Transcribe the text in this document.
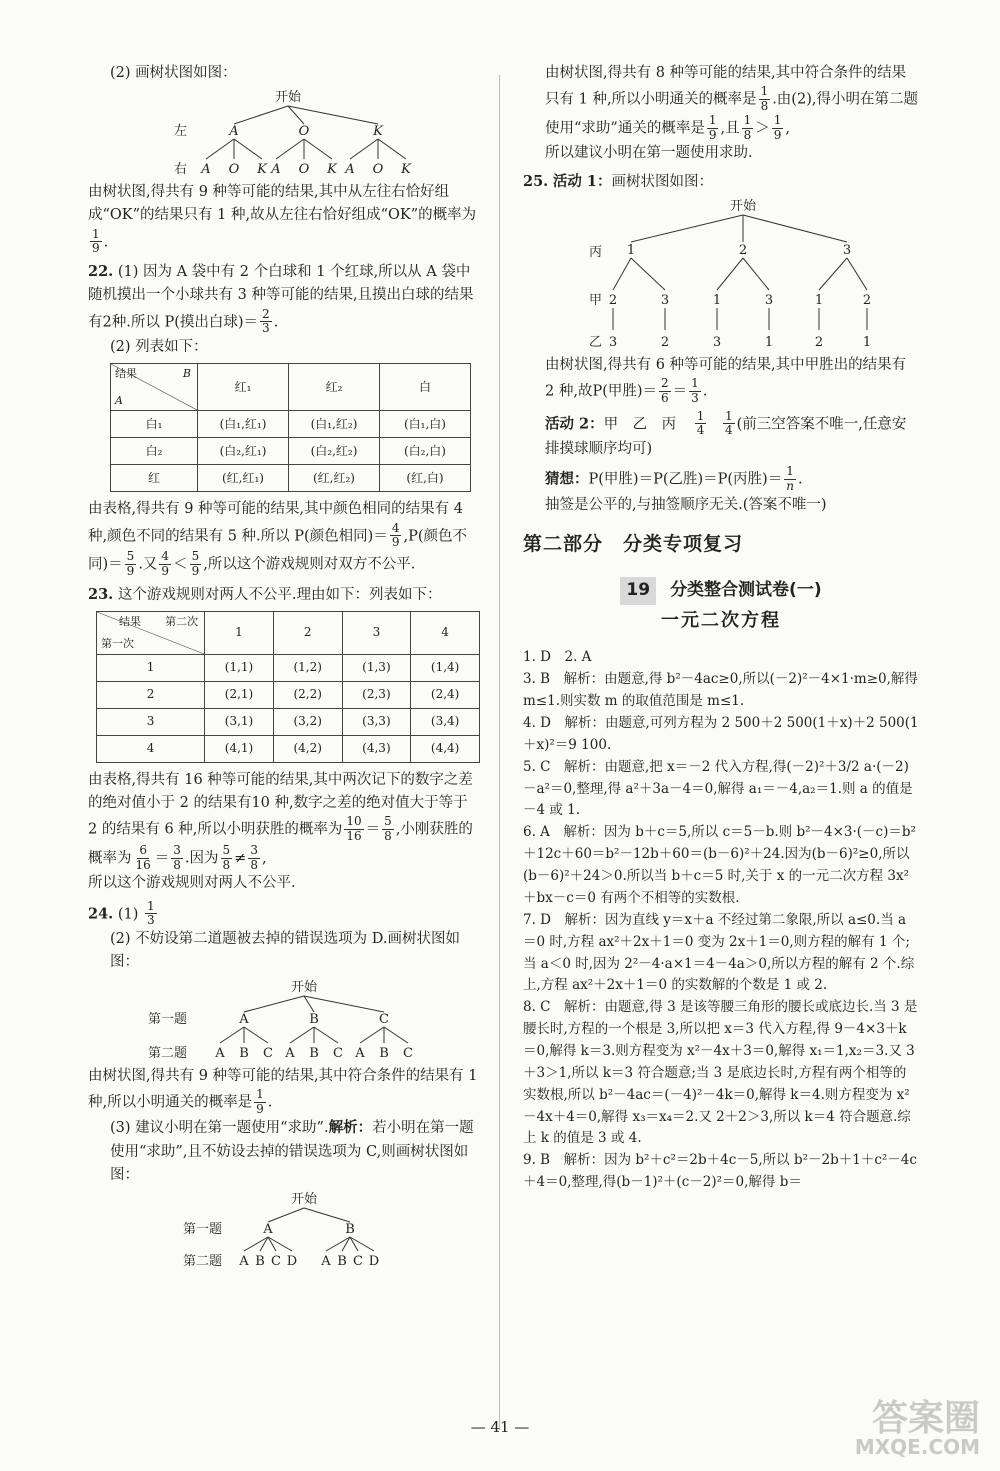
(2) 画树状图如图：

开始
左
右
A	O	K
A O K A O K A O K

由树状图,得共有 9 种等可能的结果,其中从左往右恰好组成“OK”的结果只有 1 种,故从左往右恰好组成“OK”的概率为
$\frac{1}{9}$ .

22. (1) 因为 A 袋中有 2 个白球和 1 个红球,所以从 A 袋中随机摸出一个小球共有 3 种等可能的结果,且摸出白球的结果有2种.所以 P(摸出白球)＝ $\frac{2}{3}$ .

(2) 列表如下：

结果 B
A	红₁	红₂	白
白₁	(白₁,红₁)	(白₁,红₂)	(白₁,白)
白₂	(白₂,红₁)	(白₂,红₂)	(白₂,白)
红	(红,红₁)	(红,红₂)	(红,白)

由表格,得共有 9 种等可能的结果,其中颜色相同的结果有 4 种,颜色不同的结果有 5 种.所以 P(颜色相同)＝ $\frac{4}{9} ,P$(颜色不同)＝ $\frac{5}{9}$ .又 $\frac{4}{9} < \frac{5}{9}$ ,所以这个游戏规则对双方不公平.

23. 这个游戏规则对两人不公平.理由如下：列表如下：

结果 第二次
第一次	1	2	3	4
1	(1,1)	(1,2)	(1,3)	(1,4)
2	(2,1)	(2,2)	(2,3)	(2,4)
3	(3,1)	(3,2)	(3,3)	(3,4)
4	(4,1)	(4,2)	(4,3)	(4,4)

由表格,得共有 16 种等可能的结果,其中两次记下的数字之差的绝对值小于 2 的结果有10 种,数字之差的绝对值大于等于 2 的结果有 6 种,所以小明获胜的概率为 $\frac{10}{16} = \frac{5}{8}$ ,小刚获胜的概率为 $\frac{6}{16} = \frac{3}{8}$ .因为 $\frac{5}{8} \ne \frac{3}{8}$ ,

所以这个游戏规则对两人不公平.

24. $(1) \frac{1}{3}$

(2) 不妨设第二道题被去掉的错误选项为 D.画树状图如图：

开始
第一题
第二题
A	B	C
A B C A B C A B C

由树状图,得共有 9 种等可能的结果,其中符合条件的结果有 1 种,所以小明通关的概率是 $\frac{1}{9}$ .

(3) 建议小明在第一题使用“求助”.解析：若小明在第一题使用“求助”,且不妨设去掉的错误选项为 C,则画树状图如图：

开始
第一题
第二题
A	B
A B C D A B C D

由树状图,得共有 8 种等可能的结果,其中符合条件的结果只有 1 种,所以小明通关的概率是 $\frac{1}{8}$ .由(2),得小明在第二题使用“求助”通关的概率是 $\frac{1}{9}$ ,且 $\frac{1}{8} > \frac{1}{9}$ ,

所以建议小明在第一题使用求助.

25. 活动 1：画树状图如图：

开始
丙
甲
乙
1	2	3
2	3	1	3	1	2
3	2	3	1	2	1

由树状图,得共有 6 种等可能的结果,其中甲胜出的结果有 2 种,故P(甲胜)＝ $\frac{2}{6} = \frac{1}{3}$ .

活动 2：甲　乙　丙 $\frac{1}{4}$
$\frac{1}{4}$ (前三空答案不唯一,任意安排摸球顺序均可)

猜想：P(甲胜)＝P(乙胜)＝P(丙胜)＝ $\frac{1}{n}$ .

抽签是公平的,与抽签顺序无关.(答案不唯一)

第二部分　分类专项复习
19 分类整合测试卷(一)
一元二次方程

1. D　2. A

3. B　解析：由题意,得 b²－4ac≥0,所以(－2)²－4×1·m≥0,解得 m≤1.则实数 m 的取值范围是 m≤1.

4. D　解析：由题意,可列方程为 2 500＋2 500(1＋x)＋2 500(1＋x)²＝9 100.

5. C　解析：由题意,把 x＝－2 代入方程,得(－2)²＋3/2 a·(－2)－a²＝0,整理,得 a²＋3a－4＝0,解得 a₁＝－4,a₂＝1.则 a 的值是－4 或 1.

6. A　解析：因为 b＋c＝5,所以 c＝5－b.则 b²－4×3·(－c)＝b²＋12c＋60＝b²－12b＋60＝(b－6)²＋24.因为(b－6)²≥0,所以(b－6)²＋24＞0.所以当 b＋c＝5 时,关于 x 的一元二次方程 3x²＋bx－c＝0 有两个不相等的实数根.

7. D　解析：因为直线 y＝x＋a 不经过第二象限,所以 a≤0.当 a＝0 时,方程 ax²＋2x＋1＝0 变为 2x＋1＝0,则方程的解有 1 个;当 a＜0 时,因为 2²－4·a×1＝4－4a＞0,所以方程的解有 2 个.综上,方程 ax²＋2x＋1＝0 的实数解的个数是 1 或 2.

8. C　解析：由题意,得 3 是该等腰三角形的腰长或底边长.当 3 是腰长时,方程的一个根是 3,所以把 x＝3 代入方程,得 9－4×3＋k＝0,解得 k＝3.则方程变为 x²－4x＋3＝0,解得 x₁＝1,x₂＝3.又 3＋3＞1,所以 k＝3 符合题意;当 3 是底边长时,方程有两个相等的实数根,所以 b²－4ac＝(－4)²－4k＝0,解得 k＝4.则方程变为 x²－4x＋4＝0,解得 x₃＝x₄＝2.又 2＋2＞3,所以 k＝4 符合题意.综上 k 的值是 3 或 4.

9. B　解析：因为 b²＋c²＝2b＋4c－5,所以 b²－2b＋1＋c²－4c＋4＝0,整理,得(b－1)²＋(c－2)²＝0,解得 b＝

— 41 —	答案圈
MXQE.COM
